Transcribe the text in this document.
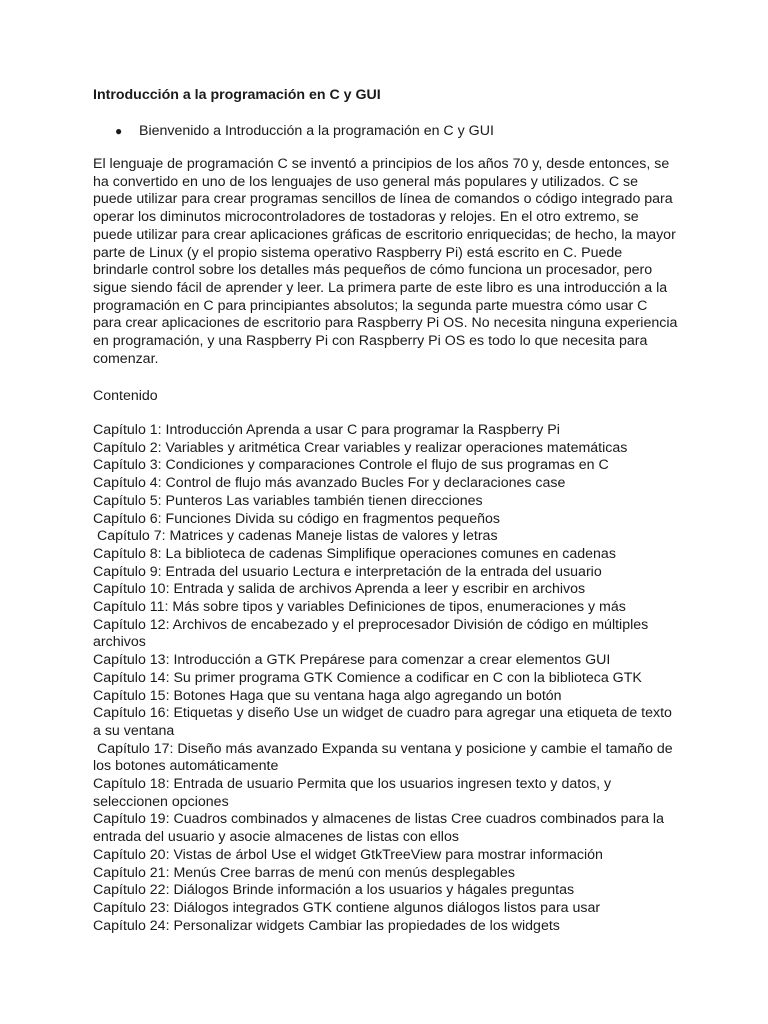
Introducción a la programación en C y GUI
● Bienvenido a Introducción a la programación en C y GUI

El lenguaje de programación C se inventó a principios de los años 70 y, desde entonces, se ha convertido en uno de los lenguajes de uso general más populares y utilizados. C se puede utilizar para crear programas sencillos de línea de comandos o código integrado para operar los diminutos microcontroladores de tostadoras y relojes. En el otro extremo, se puede utilizar para crear aplicaciones gráficas de escritorio enriquecidas; de hecho, la mayor parte de Linux (y el propio sistema operativo Raspberry Pi) está escrito en C. Puede brindarle control sobre los detalles más pequeños de cómo funciona un procesador, pero sigue siendo fácil de aprender y leer. La primera parte de este libro es una introducción a la programación en C para principiantes absolutos; la segunda parte muestra cómo usar C para crear aplicaciones de escritorio para Raspberry Pi OS. No necesita ninguna experiencia en programación, y una Raspberry Pi con Raspberry Pi OS es todo lo que necesita para comenzar.

Contenido
Capítulo 1: Introducción Aprenda a usar C para programar la Raspberry Pi
Capítulo 2: Variables y aritmética Crear variables y realizar operaciones matemáticas
Capítulo 3: Condiciones y comparaciones Controle el flujo de sus programas en C
Capítulo 4: Control de flujo más avanzado Bucles For y declaraciones case
Capítulo 5: Punteros Las variables también tienen direcciones
Capítulo 6: Funciones Divida su código en fragmentos pequeños
Capítulo 7: Matrices y cadenas Maneje listas de valores y letras
Capítulo 8: La biblioteca de cadenas Simplifique operaciones comunes en cadenas
Capítulo 9: Entrada del usuario Lectura e interpretación de la entrada del usuario
Capítulo 10: Entrada y salida de archivos Aprenda a leer y escribir en archivos
Capítulo 11: Más sobre tipos y variables Definiciones de tipos, enumeraciones y más
Capítulo 12: Archivos de encabezado y el preprocesador División de código en múltiples archivos
Capítulo 13: Introducción a GTK Prepárese para comenzar a crear elementos GUI
Capítulo 14: Su primer programa GTK Comience a codificar en C con la biblioteca GTK
Capítulo 15: Botones Haga que su ventana haga algo agregando un botón
Capítulo 16: Etiquetas y diseño Use un widget de cuadro para agregar una etiqueta de texto a su ventana
Capítulo 17: Diseño más avanzado Expanda su ventana y posicione y cambie el tamaño de los botones automáticamente
Capítulo 18: Entrada de usuario Permita que los usuarios ingresen texto y datos, y seleccionen opciones
Capítulo 19: Cuadros combinados y almacenes de listas Cree cuadros combinados para la entrada del usuario y asocie almacenes de listas con ellos
Capítulo 20: Vistas de árbol Use el widget GtkTreeView para mostrar información
Capítulo 21: Menús Cree barras de menú con menús desplegables
Capítulo 22: Diálogos Brinde información a los usuarios y hágales preguntas
Capítulo 23: Diálogos integrados GTK contiene algunos diálogos listos para usar
Capítulo 24: Personalizar widgets Cambiar las propiedades de los widgets
